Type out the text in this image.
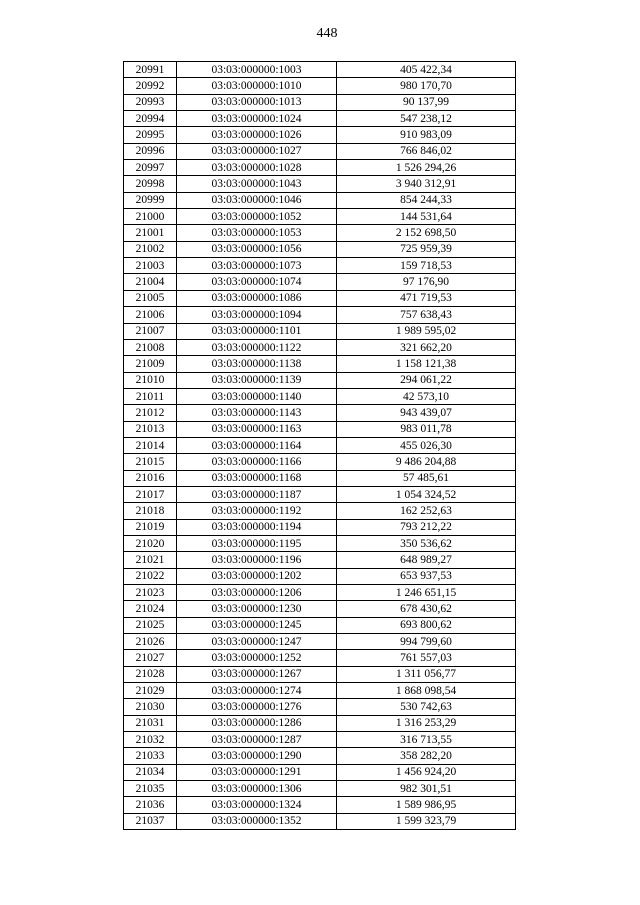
448
20991	03:03:000000:1003	405 422,34
20992	03:03:000000:1010	980 170,70
20993	03:03:000000:1013	90 137,99
20994	03:03:000000:1024	547 238,12
20995	03:03:000000:1026	910 983,09
20996	03:03:000000:1027	766 846,02
20997	03:03:000000:1028	1 526 294,26
20998	03:03:000000:1043	3 940 312,91
20999	03:03:000000:1046	854 244,33
21000	03:03:000000:1052	144 531,64
21001	03:03:000000:1053	2 152 698,50
21002	03:03:000000:1056	725 959,39
21003	03:03:000000:1073	159 718,53
21004	03:03:000000:1074	97 176,90
21005	03:03:000000:1086	471 719,53
21006	03:03:000000:1094	757 638,43
21007	03:03:000000:1101	1 989 595,02
21008	03:03:000000:1122	321 662,20
21009	03:03:000000:1138	1 158 121,38
21010	03:03:000000:1139	294 061,22
21011	03:03:000000:1140	42 573,10
21012	03:03:000000:1143	943 439,07
21013	03:03:000000:1163	983 011,78
21014	03:03:000000:1164	455 026,30
21015	03:03:000000:1166	9 486 204,88
21016	03:03:000000:1168	57 485,61
21017	03:03:000000:1187	1 054 324,52
21018	03:03:000000:1192	162 252,63
21019	03:03:000000:1194	793 212,22
21020	03:03:000000:1195	350 536,62
21021	03:03:000000:1196	648 989,27
21022	03:03:000000:1202	653 937,53
21023	03:03:000000:1206	1 246 651,15
21024	03:03:000000:1230	678 430,62
21025	03:03:000000:1245	693 800,62
21026	03:03:000000:1247	994 799,60
21027	03:03:000000:1252	761 557,03
21028	03:03:000000:1267	1 311 056,77
21029	03:03:000000:1274	1 868 098,54
21030	03:03:000000:1276	530 742,63
21031	03:03:000000:1286	1 316 253,29
21032	03:03:000000:1287	316 713,55
21033	03:03:000000:1290	358 282,20
21034	03:03:000000:1291	1 456 924,20
21035	03:03:000000:1306	982 301,51
21036	03:03:000000:1324	1 589 986,95
21037	03:03:000000:1352	1 599 323,79
